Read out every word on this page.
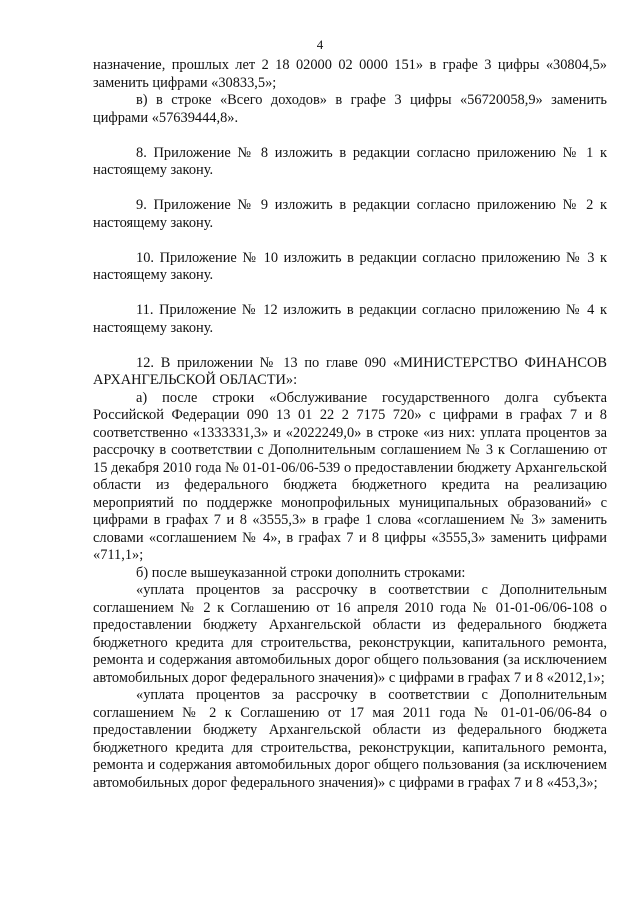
4

назначение, прошлых лет 2 18 02000 02 0000 151» в графе 3 цифры «30804,5» заменить цифрами «30833,5»;

в) в строке «Всего доходов» в графе 3 цифры «56720058,9» заменить цифрами «57639444,8».

8. Приложение № 8 изложить в редакции согласно приложению № 1 к настоящему закону.

9. Приложение № 9 изложить в редакции согласно приложению № 2 к настоящему закону.

10. Приложение № 10 изложить в редакции согласно приложению № 3 к настоящему закону.

11. Приложение № 12 изложить в редакции согласно приложению № 4 к настоящему закону.

12. В приложении № 13 по главе 090 «МИНИСТЕРСТВО ФИНАНСОВ АРХАНГЕЛЬСКОЙ ОБЛАСТИ»:

а) после строки «Обслуживание государственного долга субъекта Российской Федерации 090 13 01 22 2 7175 720» с цифрами в графах 7 и 8 соответственно «1333331,3» и «2022249,0» в строке «из них: уплата процентов за рассрочку в соответствии с Дополнительным соглашением № 3 к Соглашению от 15 декабря 2010 года № 01-01-06/06-539 о предоставлении бюджету Архангельской области из федерального бюджета бюджетного кредита на реализацию мероприятий по поддержке монопрофильных муниципальных образований» с цифрами в графах 7 и 8 «3555,3» в графе 1 слова «соглашением № 3» заменить словами «соглашением № 4», в графах 7 и 8 цифры «3555,3» заменить цифрами «711,1»;

б) после вышеуказанной строки дополнить строками:

«уплата процентов за рассрочку в соответствии с Дополнительным соглашением № 2 к Соглашению от 16 апреля 2010 года № 01-01-06/06-108 о предоставлении бюджету Архангельской области из федерального бюджета бюджетного кредита для строительства, реконструкции, капитального ремонта, ремонта и содержания автомобильных дорог общего пользования (за исключением автомобильных дорог федерального значения)» с цифрами в графах 7 и 8 «2012,1»;

«уплата процентов за рассрочку в соответствии с Дополнительным соглашением № 2 к Соглашению от 17 мая 2011 года № 01-01-06/06-84 о предоставлении бюджету Архангельской области из федерального бюджета бюджетного кредита для строительства, реконструкции, капитального ремонта, ремонта и содержания автомобильных дорог общего пользования (за исключением автомобильных дорог федерального значения)» с цифрами в графах 7 и 8 «453,3»;
